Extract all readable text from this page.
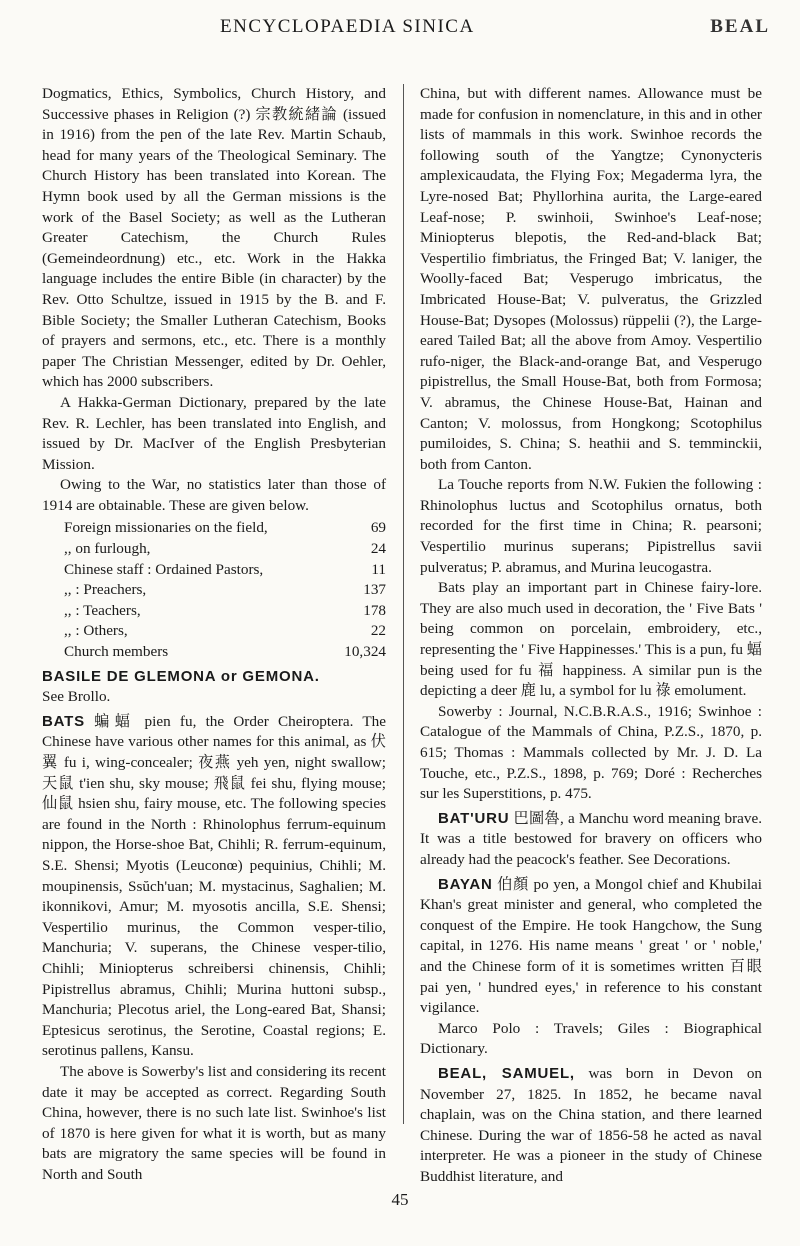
ENCYCLOPAEDIA SINICA	BEAL

Dogmatics, Ethics, Symbolics, Church History, and Successive phases in Religion (?) 宗教統緒論 (issued in 1916) from the pen of the late Rev. Martin Schaub, head for many years of the Theological Seminary. The Church History has been translated into Korean. The Hymn book used by all the German missions is the work of the Basel Society; as well as the Lutheran Greater Catechism, the Church Rules (Gemeindeordnung) etc., etc. Work in the Hakka language includes the entire Bible (in character) by the Rev. Otto Schultze, issued in 1915 by the B. and F. Bible Society; the Smaller Lutheran Catechism, Books of prayers and sermons, etc., etc. There is a monthly paper The Christian Messenger, edited by Dr. Oehler, which has 2000 subscribers.

A Hakka-German Dictionary, prepared by the late Rev. R. Lechler, has been translated into English, and issued by Dr. MacIver of the English Presbyterian Mission.

Owing to the War, no statistics later than those of 1914 are obtainable. These are given below.

Foreign missionaries on the field,	69
,, on furlough,	24
Chinese staff : Ordained Pastors,	11
,, : Preachers,	137
,, : Teachers,	178
,, : Others,	22
Church members	10,324

BASILE DE GLEMONA or GEMONA.

See Brollo.

BATS 蝙蝠 pien fu, the Order Cheiroptera. The Chinese have various other names for this animal, as 伏翼 fu i, wing-concealer; 夜燕 yeh yen, night swallow; 天鼠 t'ien shu, sky mouse; 飛鼠 fei shu, flying mouse; 仙鼠 hsien shu, fairy mouse, etc. The following species are found in the North : Rhinolophus ferrum-equinum nippon, the Horse-shoe Bat, Chihli; R. ferrum-equinum, S.E. Shensi; Myotis (Leuconœ) pequinius, Chihli; M. moupinensis, Ssŭch'uan; M. mystacinus, Saghalien; M. ikonnikovi, Amur; M. myosotis ancilla, S.E. Shensi; Vespertilio murinus, the Common vesper-tilio, Manchuria; V. superans, the Chinese vesper-tilio, Chihli; Miniopterus schreibersi chinensis, Chihli; Pipistrellus abramus, Chihli; Murina huttoni subsp., Manchuria; Plecotus ariel, the Long-eared Bat, Shansi; Eptesicus serotinus, the Serotine, Coastal regions; E. serotinus pallens, Kansu.

The above is Sowerby's list and considering its recent date it may be accepted as correct. Regarding South China, however, there is no such late list. Swinhoe's list of 1870 is here given for what it is worth, but as many bats are migratory the same species will be found in North and South

China, but with different names. Allowance must be made for confusion in nomenclature, in this and in other lists of mammals in this work. Swinhoe records the following south of the Yangtze; Cynonycteris amplexicaudata, the Flying Fox; Megaderma lyra, the Lyre-nosed Bat; Phyllorhina aurita, the Large-eared Leaf-nose; P. swinhoii, Swinhoe's Leaf-nose; Miniopterus blepotis, the Red-and-black Bat; Vespertilio fimbriatus, the Fringed Bat; V. laniger, the Woolly-faced Bat; Vesperugo imbricatus, the Imbricated House-Bat; V. pulveratus, the Grizzled House-Bat; Dysopes (Molossus) rüppelii (?), the Large-eared Tailed Bat; all the above from Amoy. Vespertilio rufo-niger, the Black-and-orange Bat, and Vesperugo pipistrellus, the Small House-Bat, both from Formosa; V. abramus, the Chinese House-Bat, Hainan and Canton; V. molossus, from Hongkong; Scotophilus pumiloides, S. China; S. heathii and S. temminckii, both from Canton.

La Touche reports from N.W. Fukien the following : Rhinolophus luctus and Scotophilus ornatus, both recorded for the first time in China; R. pearsoni; Vespertilio murinus superans; Pipistrellus savii pulveratus; P. abramus, and Murina leucogastra.

Bats play an important part in Chinese fairy-lore. They are also much used in decoration, the ' Five Bats ' being common on porcelain, embroidery, etc., representing the ' Five Happinesses.' This is a pun, fu 蝠 being used for fu 福 happiness. A similar pun is the depicting a deer 鹿 lu, a symbol for lu 祿 emolument.

Sowerby : Journal, N.C.B.R.A.S., 1916; Swinhoe : Catalogue of the Mammals of China, P.Z.S., 1870, p. 615; Thomas : Mammals collected by Mr. J. D. La Touche, etc., P.Z.S., 1898, p. 769; Doré : Recherches sur les Superstitions, p. 475.

BAT'URU 巴圖魯, a Manchu word meaning brave. It was a title bestowed for bravery on officers who already had the peacock's feather. See Decorations.

BAYAN 伯顏 po yen, a Mongol chief and Khubilai Khan's great minister and general, who completed the conquest of the Empire. He took Hangchow, the Sung capital, in 1276. His name means ' great ' or ' noble,' and the Chinese form of it is sometimes written 百眼 pai yen, ' hundred eyes,' in reference to his constant vigilance.

Marco Polo : Travels; Giles : Biographical Dictionary.

BEAL, SAMUEL, was born in Devon on November 27, 1825. In 1852, he became naval chaplain, was on the China station, and there learned Chinese. During the war of 1856-58 he acted as naval interpreter. He was a pioneer in the study of Chinese Buddhist literature, and

45
